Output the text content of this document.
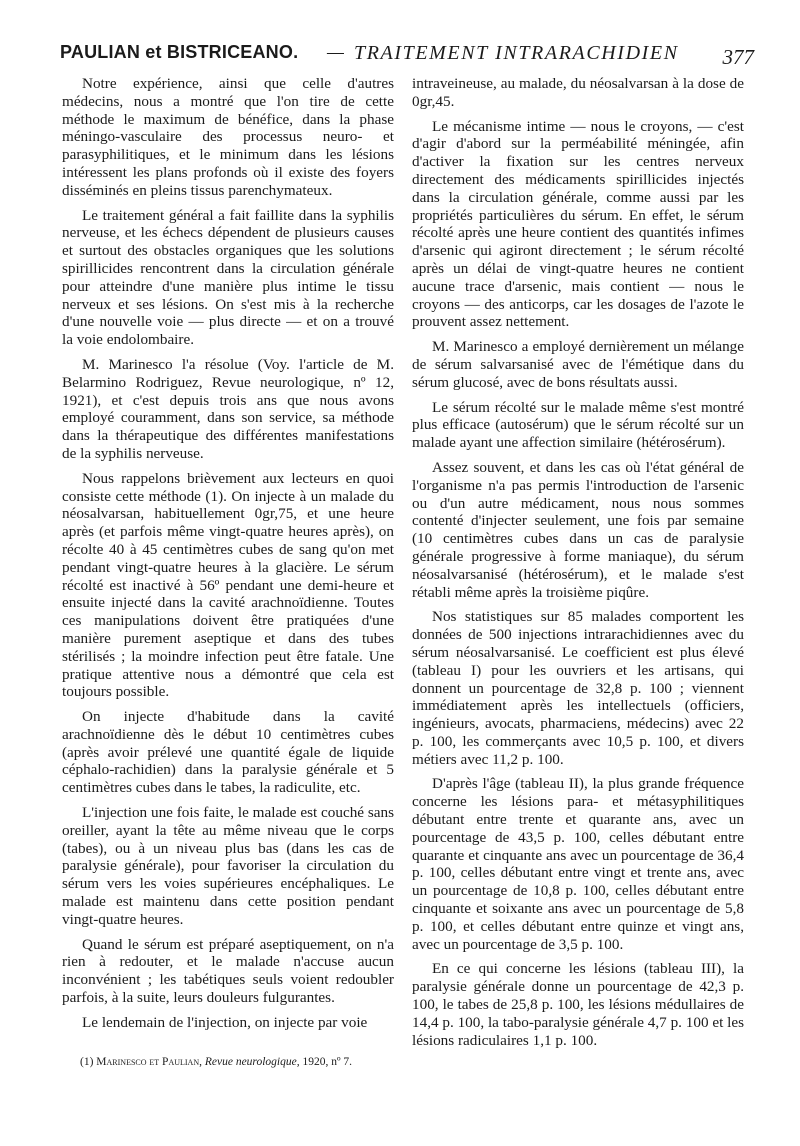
PAULIAN et BISTRICEANO. — TRAITEMENT INTRARACHIDIEN 377

Notre expérience, ainsi que celle d'autres médecins, nous a montré que l'on tire de cette méthode le maximum de bénéfice, dans la phase méningo-vasculaire des processus neuro- et parasyphilitiques, et le minimum dans les lésions intéressent les plans profonds où il existe des foyers disséminés en pleins tissus parenchymateux.

Le traitement général a fait faillite dans la syphilis nerveuse, et les échecs dépendent de plusieurs causes et surtout des obstacles organiques que les solutions spirillicides rencontrent dans la circulation générale pour atteindre d'une manière plus intime le tissu nerveux et ses lésions. On s'est mis à la recherche d'une nouvelle voie — plus directe — et on a trouvé la voie endolombaire.

M. Marinesco l'a résolue (Voy. l'article de M. Belarmino Rodriguez, Revue neurologique, nº 12, 1921), et c'est depuis trois ans que nous avons employé couramment, dans son service, sa méthode dans la thérapeutique des différentes manifestations de la syphilis nerveuse.

Nous rappelons brièvement aux lecteurs en quoi consiste cette méthode (1). On injecte à un malade du néosalvarsan, habituellement 0gr,75, et une heure après (et parfois même vingt-quatre heures après), on récolte 40 à 45 centimètres cubes de sang qu'on met pendant vingt-quatre heures à la glacière. Le sérum récolté est inactivé à 56º pendant une demi-heure et ensuite injecté dans la cavité arachnoïdienne. Toutes ces manipulations doivent être pratiquées d'une manière purement aseptique et dans des tubes stérilisés ; la moindre infection peut être fatale. Une pratique attentive nous a démontré que cela est toujours possible.

On injecte d'habitude dans la cavité arachnoïdienne dès le début 10 centimètres cubes (après avoir prélevé une quantité égale de liquide céphalo-rachidien) dans la paralysie générale et 5 centimètres cubes dans le tabes, la radiculite, etc.

L'injection une fois faite, le malade est couché sans oreiller, ayant la tête au même niveau que le corps (tabes), ou à un niveau plus bas (dans les cas de paralysie générale), pour favoriser la circulation du sérum vers les voies supérieures encéphaliques. Le malade est maintenu dans cette position pendant vingt-quatre heures.

Quand le sérum est préparé aseptiquement, on n'a rien à redouter, et le malade n'accuse aucun inconvénient ; les tabétiques seuls voient redoubler parfois, à la suite, leurs douleurs fulgurantes.

Le lendemain de l'injection, on injecte par voie

intraveineuse, au malade, du néosalvarsan à la dose de 0gr,45.

Le mécanisme intime — nous le croyons, — c'est d'agir d'abord sur la perméabilité méningée, afin d'activer la fixation sur les centres nerveux directement des médicaments spirillicides injectés dans la circulation générale, comme aussi par les propriétés particulières du sérum. En effet, le sérum récolté après une heure contient des quantités infimes d'arsenic qui agiront directement ; le sérum récolté après un délai de vingt-quatre heures ne contient aucune trace d'arsenic, mais contient — nous le croyons — des anticorps, car les dosages de l'azote le prouvent assez nettement.

M. Marinesco a employé dernièrement un mélange de sérum salvarsanisé avec de l'émétique dans du sérum glucosé, avec de bons résultats aussi.

Le sérum récolté sur le malade même s'est montré plus efficace (autosérum) que le sérum récolté sur un malade ayant une affection similaire (hétérosérum).

Assez souvent, et dans les cas où l'état général de l'organisme n'a pas permis l'introduction de l'arsenic ou d'un autre médicament, nous nous sommes contenté d'injecter seulement, une fois par semaine (10 centimètres cubes dans un cas de paralysie générale progressive à forme maniaque), du sérum néosalvarsanisé (hétérosérum), et le malade s'est rétabli même après la troisième piqûre.

Nos statistiques sur 85 malades comportent les données de 500 injections intrarachidiennes avec du sérum néosalvarsanisé. Le coefficient est plus élevé (tableau I) pour les ouvriers et les artisans, qui donnent un pourcentage de 32,8 p. 100 ; viennent immédiatement après les intellectuels (officiers, ingénieurs, avocats, pharmaciens, médecins) avec 22 p. 100, les commerçants avec 10,5 p. 100, et divers métiers avec 11,2 p. 100.

D'après l'âge (tableau II), la plus grande fréquence concerne les lésions para- et métasyphilitiques débutant entre trente et quarante ans, avec un pourcentage de 43,5 p. 100, celles débutant entre quarante et cinquante ans avec un pourcentage de 36,4 p. 100, celles débutant entre vingt et trente ans, avec un pourcentage de 10,8 p. 100, celles débutant entre cinquante et soixante ans avec un pourcentage de 5,8 p. 100, et celles débutant entre quinze et vingt ans, avec un pourcentage de 3,5 p. 100.

En ce qui concerne les lésions (tableau III), la paralysie générale donne un pourcentage de 42,3 p. 100, le tabes de 25,8 p. 100, les lésions médullaires de 14,4 p. 100, la tabo-paralysie générale 4,7 p. 100 et les lésions radiculaires 1,1 p. 100.

(1) Marinesco et Paulian, Revue neurologique, 1920, nº 7.
